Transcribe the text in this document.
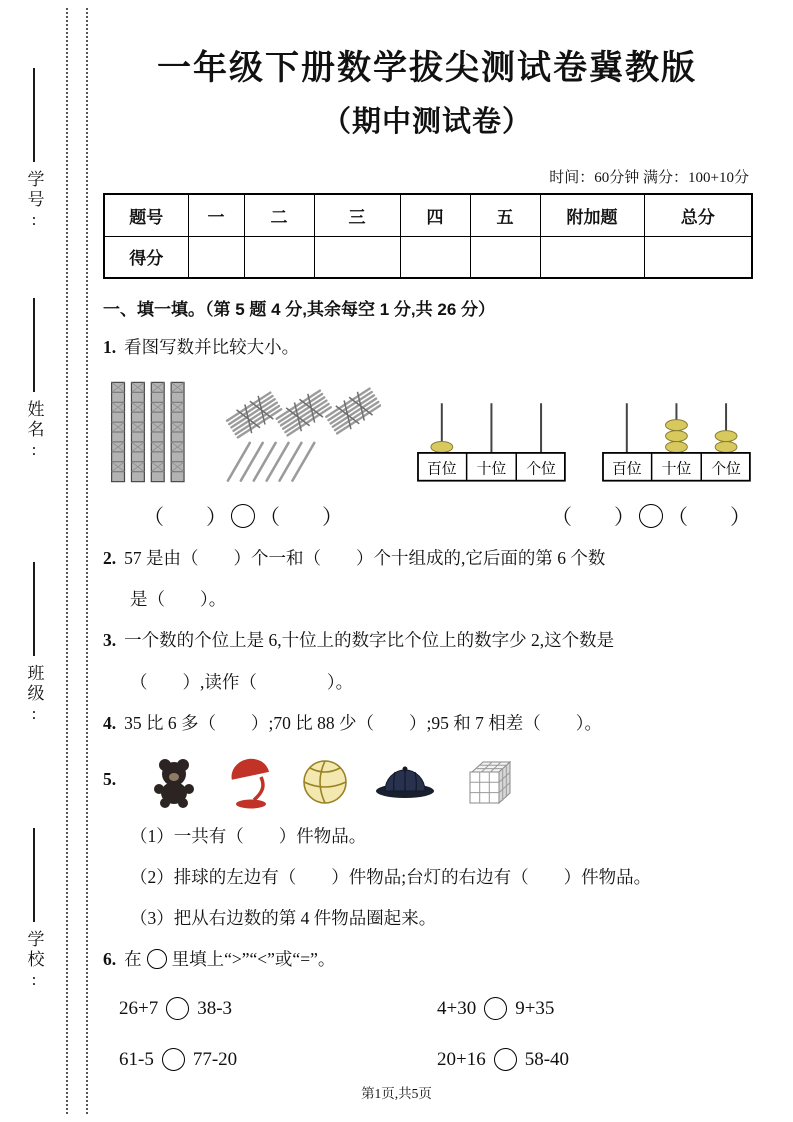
学号:
姓名:
班级:
学校:
一年级下册数学拔尖测试卷冀教版
（期中测试卷）
时间：60分钟 满分：100+10分
题号	一	二	三	四	五	附加题	总分
得分							
一、填一填。（第 5 题 4 分,其余每空 1 分,共 26 分）

1. 看图写数并比较大小。

百位 十位 个位	百位 十位 个位
（　　） （　　）	（　　） （　　）

2. 57 是由（　　）个一和（　　）个十组成的,它后面的第 6 个数

是（　　）。

3. 一个数的个位上是 6,十位上的数字比个位上的数字少 2,这个数是

（　　）,读作（　　　　）。

4. 35 比 6 多（　　）;70 比 88 少（　　）;95 和 7 相差（　　）。

5.

（1）一共有（　　）件物品。

（2）排球的左边有（　　）件物品;台灯的右边有（　　）件物品。

（3）把从右边数的第 4 件物品圈起来。

6. 在 里填上“>”“<”或“=”。

26+7 38-3	4+30 9+35
61-5 77-20	20+16 58-40
第1页,共5页
